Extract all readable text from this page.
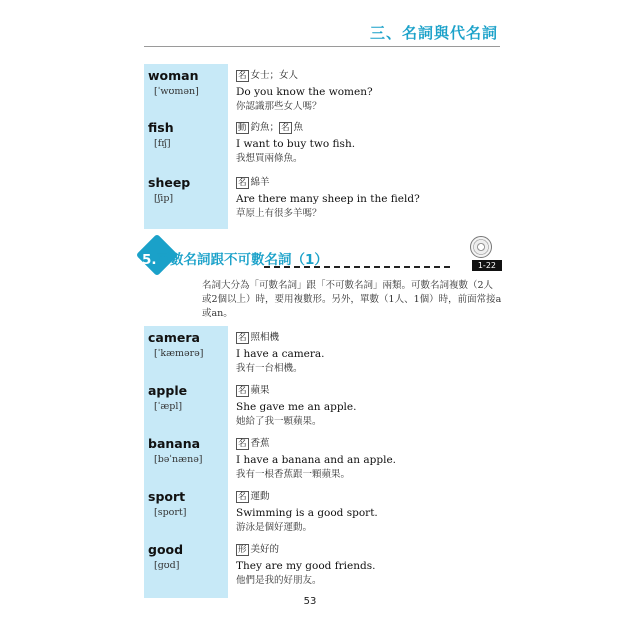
三、名詞與代名詞
woman
[ˈwʊmən]
名 女士；女人
Do you know the women?
你認識那些女人嗎？
fish
[fɪʃ]
動 釣魚； 名 魚
I want to buy two fish.
我想買兩條魚。
sheep
[ʃip]
名 綿羊
Are there many sheep in the field?
草原上有很多羊嗎？
5.可數名詞跟不可數名詞（1）	1-22
名詞大分為「可數名詞」跟「不可數名詞」兩類。可數名詞複數（2人或2個以上）時，要用複數形。另外，單數（1人、1個）時，前面常接a或an。
camera
[ˈkæmərə]
名 照相機
I have a camera.
我有一台相機。
apple
[ˈæpl]
名 蘋果
She gave me an apple.
她給了我一顆蘋果。
banana
[bəˈnænə]
名 香蕉
I have a banana and an apple.
我有一根香蕉跟一顆蘋果。
sport
[sport]
名 運動
Swimming is a good sport.
游泳是個好運動。
good
[gʊd]
形 美好的
They are my good friends.
他們是我的好朋友。
53
